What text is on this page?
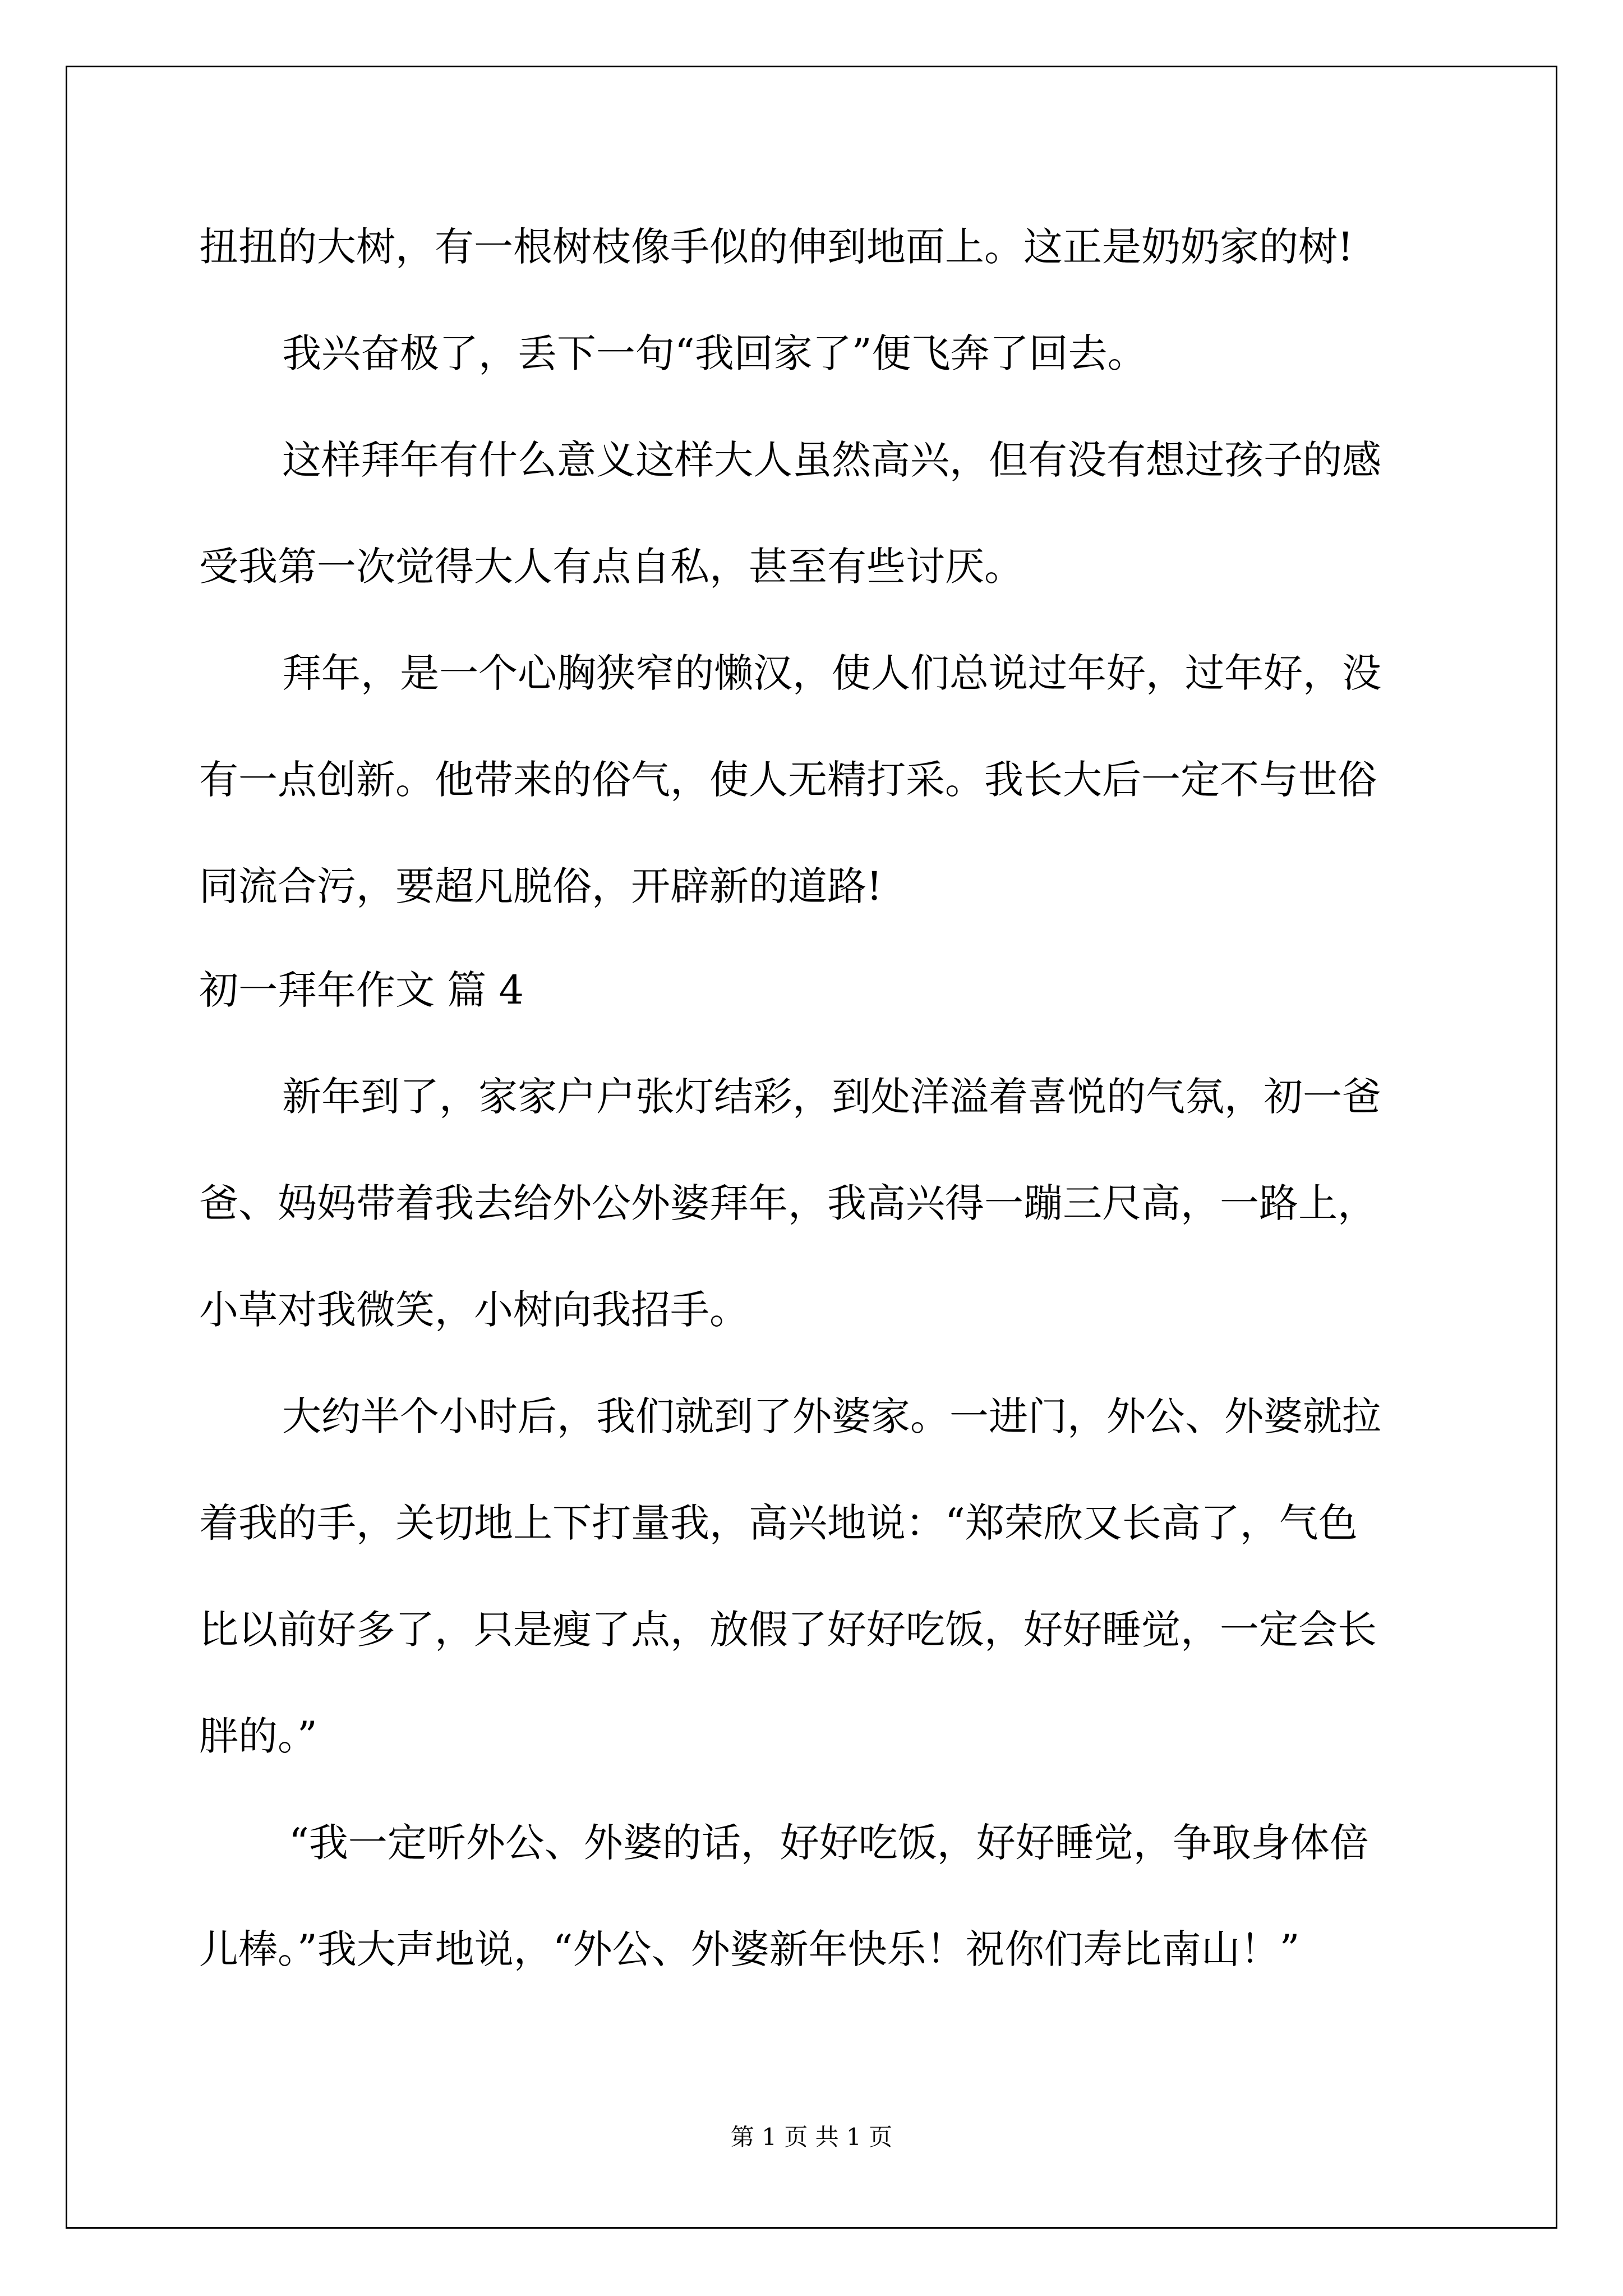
扭扭的大树，有一根树枝像手似的伸到地面上。这正是奶奶家的树!
我兴奋极了，丢下一句“我回家了”便飞奔了回去。
这样拜年有什么意义这样大人虽然高兴，但有没有想过孩子的感
受我第一次觉得大人有点自私，甚至有些讨厌。
拜年，是一个心胸狭窄的懒汉，使人们总说过年好，过年好，没
有一点创新。他带来的俗气，使人无精打采。我长大后一定不与世俗
同流合污，要超凡脱俗，开辟新的道路!
初一拜年作文 篇 4
新年到了，家家户户张灯结彩，到处洋溢着喜悦的气氛，初一爸
爸、妈妈带着我去给外公外婆拜年，我高兴得一蹦三尺高，一路上，
小草对我微笑，小树向我招手。
大约半个小时后，我们就到了外婆家。一进门，外公、外婆就拉
着我的手，关切地上下打量我，高兴地说：“郑荣欣又长高了，气色
比以前好多了，只是瘦了点，放假了好好吃饭，好好睡觉，一定会长
胖的。”
“我一定听外公、外婆的话，好好吃饭，好好睡觉，争取身体倍
儿棒。”我大声地说，“外公、外婆新年快乐！祝你们寿比南山！”
第 1 页 共 1 页
